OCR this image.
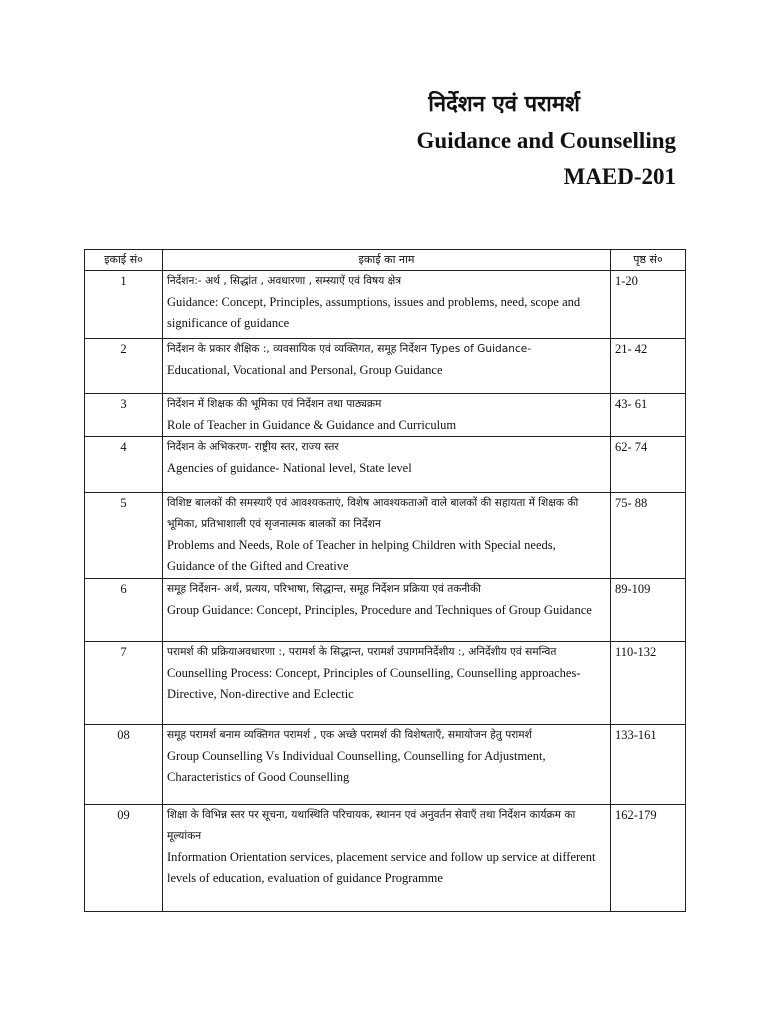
निर्देशन एवं परामर्श
Guidance and Counselling
MAED-201
इकाई सं०	इकाई का नाम	पृष्ठ सं०

1	निर्देशन:- अर्थ , सिद्धांत , अवधारणा , सम्स्याऐं एवं विषय क्षेत्र
Guidance: Concept, Principles, assumptions, issues and problems, need, scope and significance of guidance	1-20

2	निर्देशन के प्रकार शैक्षिक :, व्यवसायिक एवं व्यक्तिगत, समूह निर्देशन Types of Guidance-
Educational, Vocational and Personal, Group Guidance	21- 42

3	निर्देशन में शिक्षक की भूमिका एवं निर्देशन तथा पाठ्यक्रम
Role of Teacher in Guidance & Guidance and Curriculum	43- 61

4	निर्देशन के अभिकरण- राष्ट्रीय स्तर, राज्य स्तर
Agencies of guidance- National level, State level	62- 74

5	विशिष्ट बालकों की समस्याएँ एवं आवश्यकताएं, विशेष आवश्यकताओं वाले बालकों की सहायता में शिक्षक की भूमिका, प्रतिभाशाली एवं सृजनात्मक बालकों का निर्देशन
Problems and Needs, Role of Teacher in helping Children with Special needs, Guidance of the Gifted and Creative	75- 88

6	समूह निर्देशन- अर्थ, प्रत्यय, परिभाषा, सिद्धान्त, समूह निर्देशन प्रक्रिया एवं तकनीकी
Group Guidance: Concept, Principles, Procedure and Techniques of Group Guidance	89-109

7	परामर्श की प्रक्रियाअवधारणा :, परामर्श के सिद्धान्त, परामर्श उपागमनिर्देशीय :, अनिर्देशीय एवं समन्वित
Counselling Process: Concept, Principles of Counselling, Counselling approaches- Directive, Non-directive and Eclectic	110-132

08	समूह परामर्श बनाम व्यक्तिगत परामर्श , एक अच्छे परामर्श की विशेषताएँ, समायोजन हेतु परामर्श
Group Counselling Vs Individual Counselling, Counselling for Adjustment, Characteristics of Good Counselling	133-161

09	शिक्षा के विभिन्न स्तर पर सूचना, यथास्थिति परिचायक, स्थानन एवं अनुवर्तन सेवाएँ तथा निर्देशन कार्यक्रम का मूल्यांकन
Information Orientation services, placement service and follow up service at different levels of education, evaluation of guidance Programme	162-179
